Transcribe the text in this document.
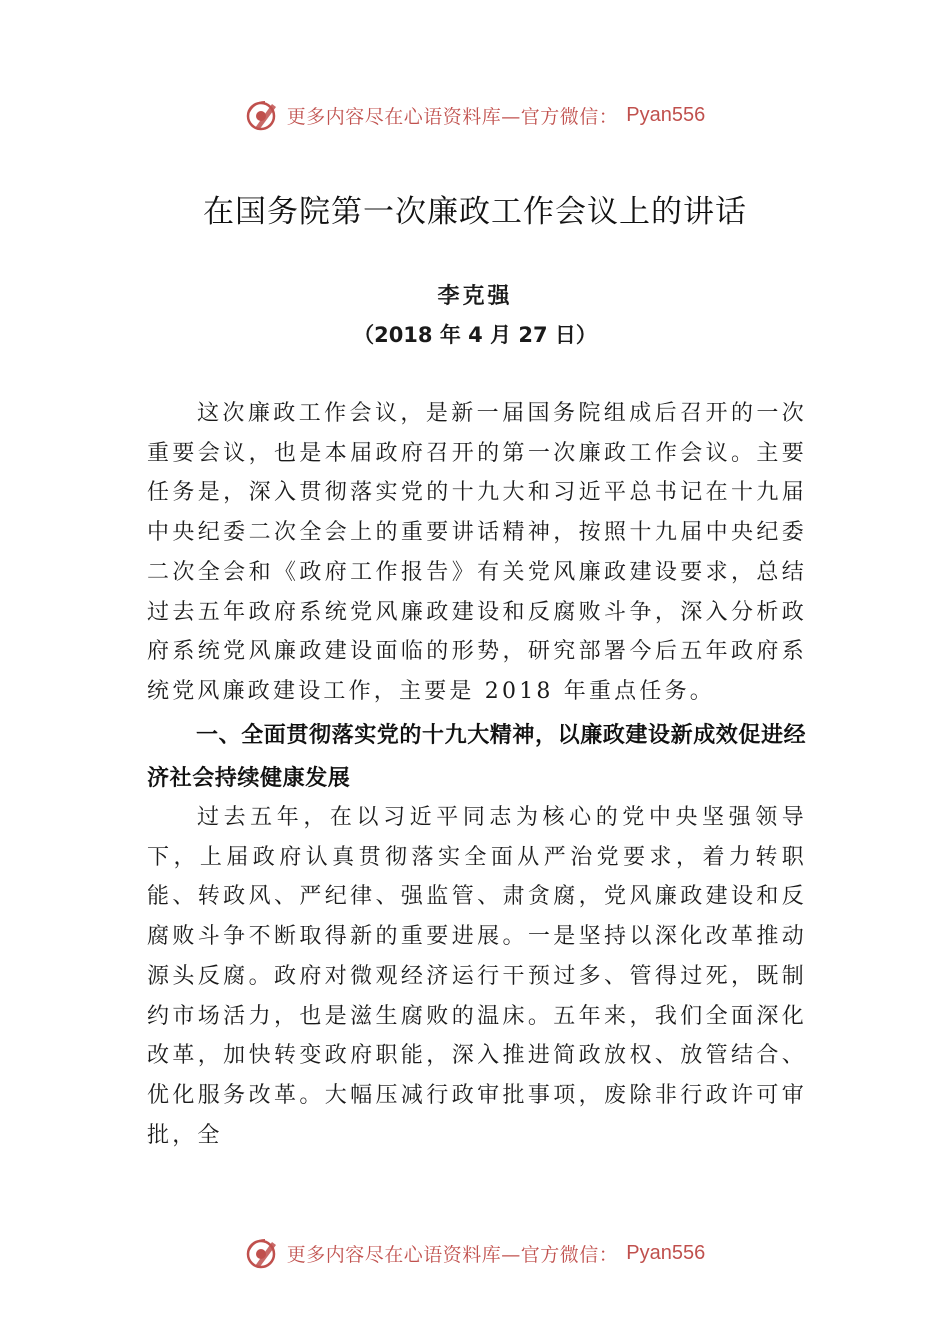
更多内容尽在心语资料库—官方微信： Pyan556
在国务院第一次廉政工作会议上的讲话
李克强
（2018 年 4 月 27 日）

这次廉政工作会议，是新一届国务院组成后召开的一次重要会议，也是本届政府召开的第一次廉政工作会议。主要任务是，深入贯彻落实党的十九大和习近平总书记在十九届中央纪委二次全会上的重要讲话精神，按照十九届中央纪委二次全会和《政府工作报告》有关党风廉政建设要求，总结过去五年政府系统党风廉政建设和反腐败斗争，深入分析政府系统党风廉政建设面临的形势，研究部署今后五年政府系统党风廉政建设工作，主要是 2018 年重点任务。

一、全面贯彻落实党的十九大精神，以廉政建设新成效促进经济社会持续健康发展

过去五年，在以习近平同志为核心的党中央坚强领导下，上届政府认真贯彻落实全面从严治党要求，着力转职能、转政风、严纪律、强监管、肃贪腐，党风廉政建设和反腐败斗争不断取得新的重要进展。一是坚持以深化改革推动源头反腐。政府对微观经济运行干预过多、管得过死，既制约市场活力，也是滋生腐败的温床。五年来，我们全面深化改革，加快转变政府职能，深入推进简政放权、放管结合、优化服务改革。大幅压减行政审批事项，废除非行政许可审批，全

更多内容尽在心语资料库—官方微信： Pyan556
